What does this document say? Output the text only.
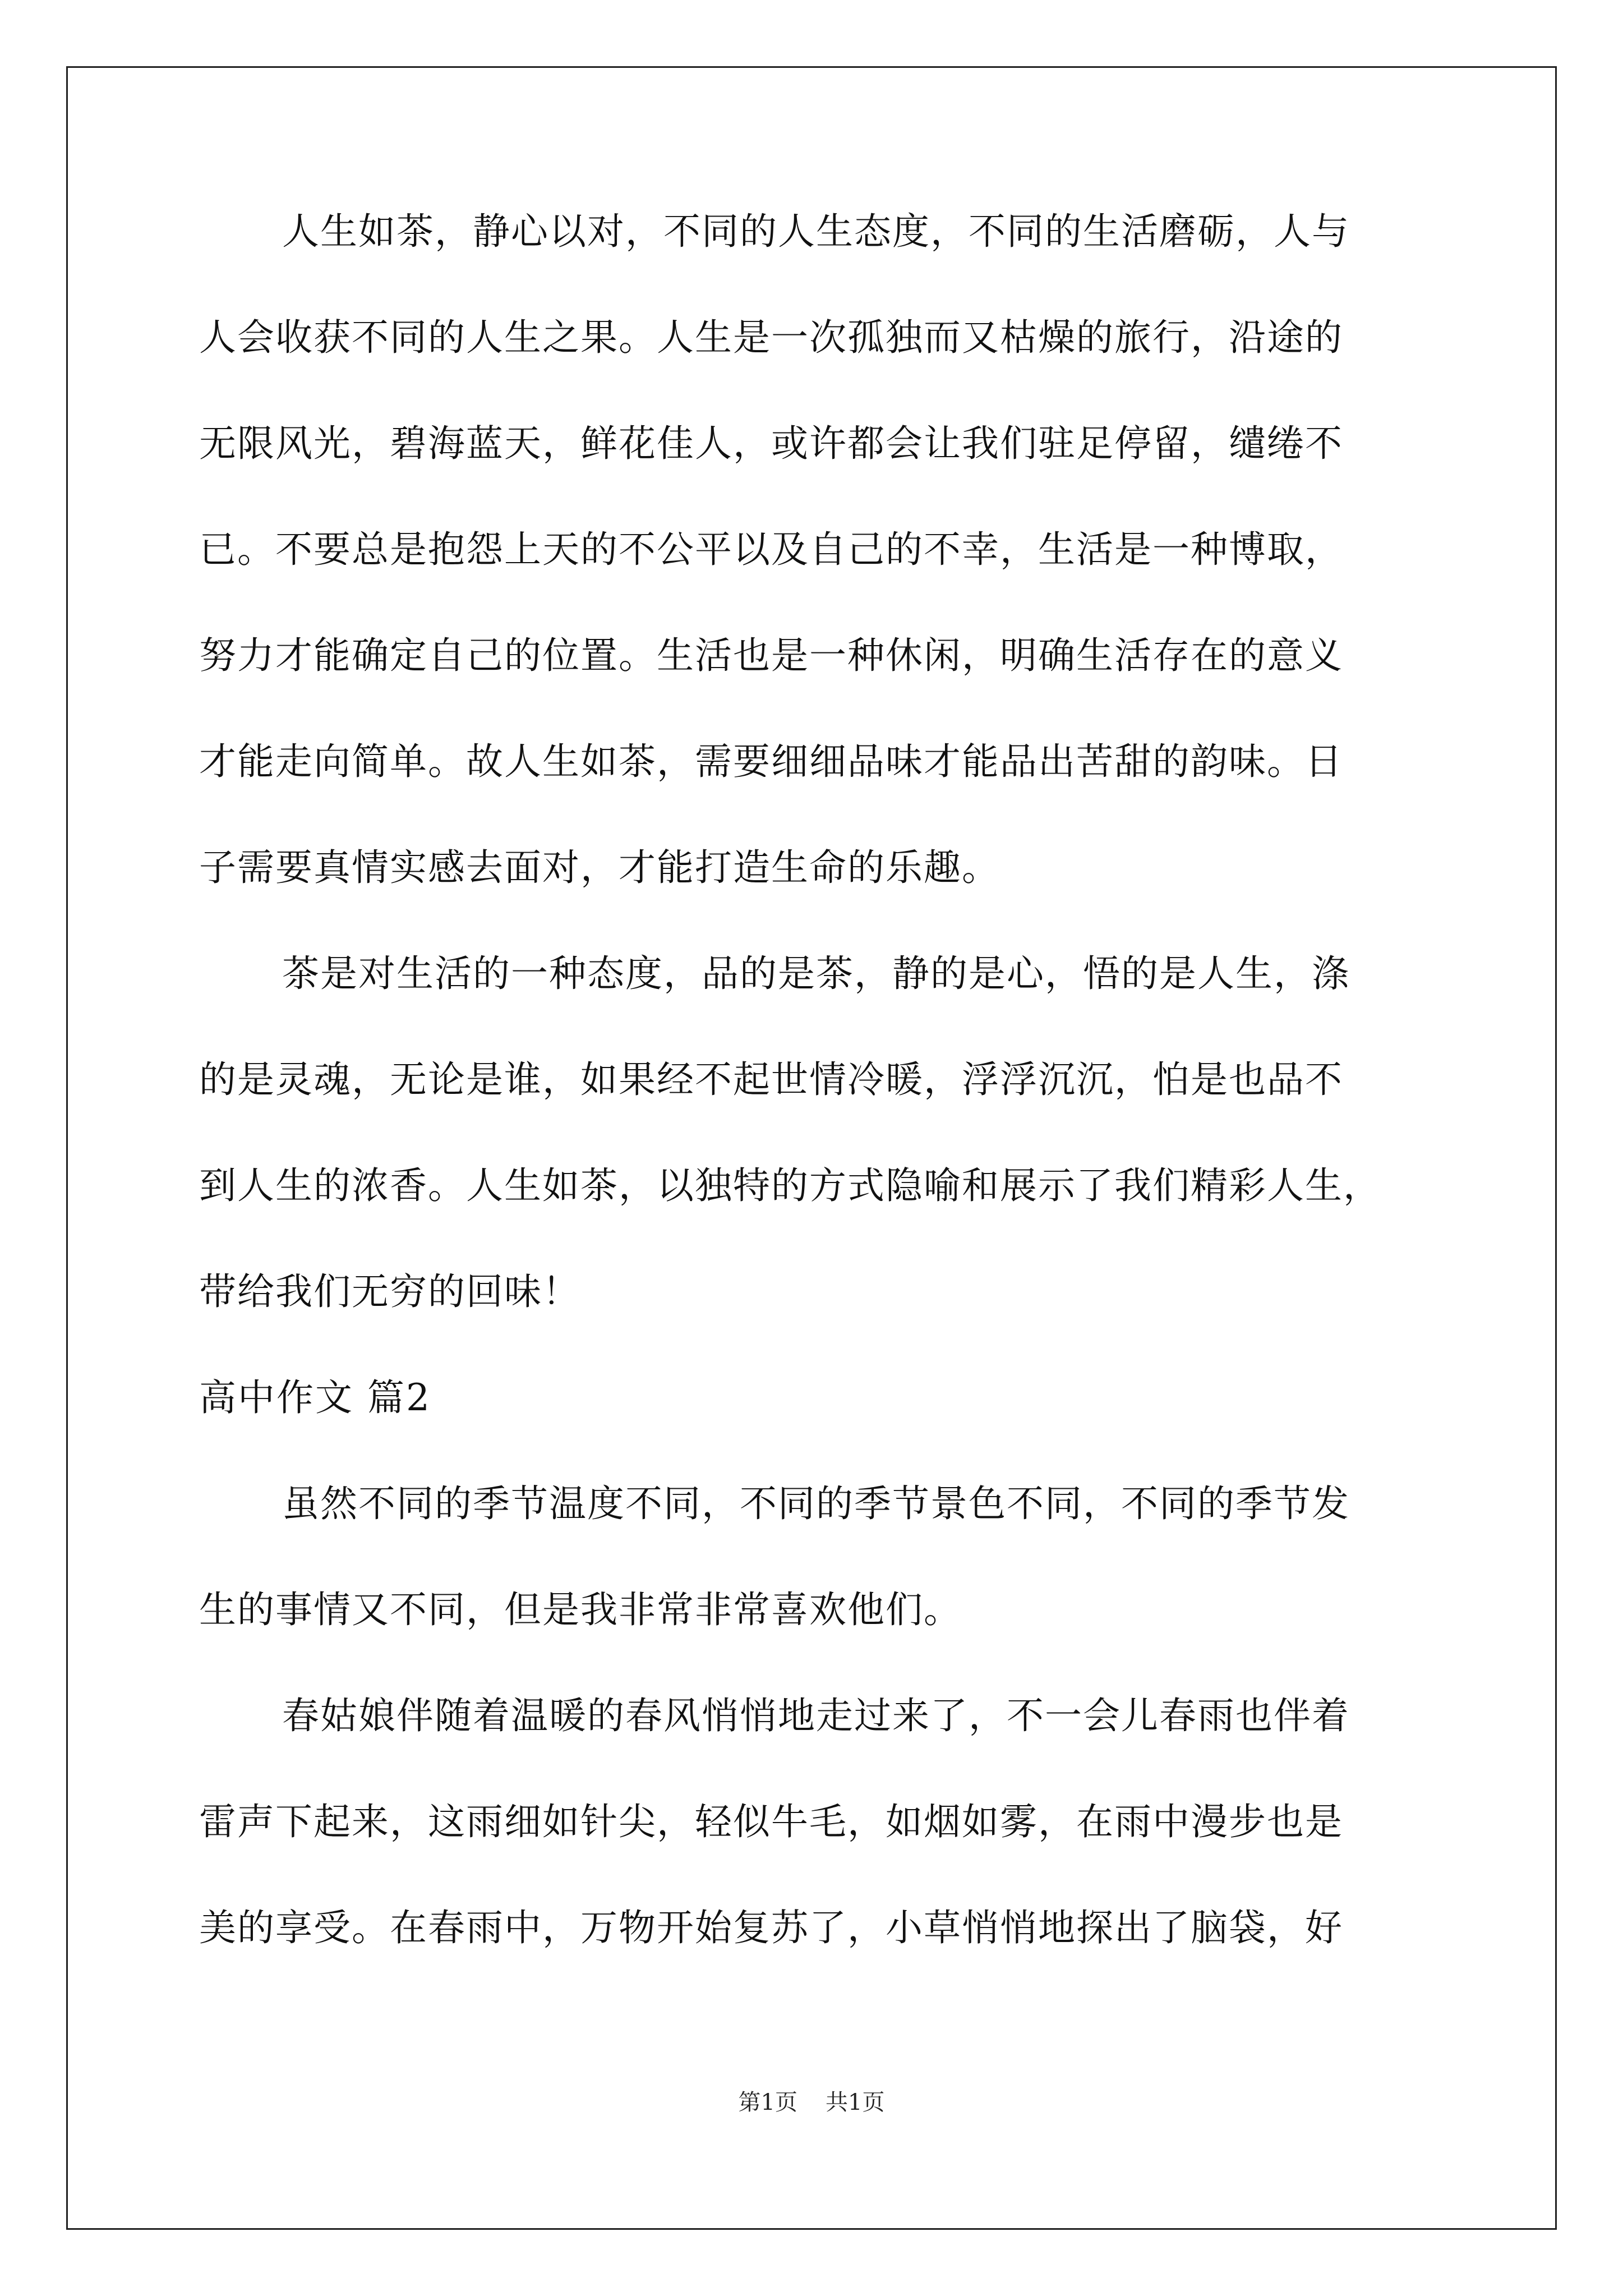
人生如茶，静心以对，不同的人生态度，不同的生活磨砺，人与
人会收获不同的人生之果。人生是一次孤独而又枯燥的旅行，沿途的
无限风光，碧海蓝天，鲜花佳人，或许都会让我们驻足停留，缱绻不
已。不要总是抱怨上天的不公平以及自己的不幸，生活是一种博取，
努力才能确定自己的位置。生活也是一种休闲，明确生活存在的意义
才能走向简单。故人生如茶，需要细细品味才能品出苦甜的韵味。日
子需要真情实感去面对，才能打造生命的乐趣。
茶是对生活的一种态度，品的是茶，静的是心，悟的是人生，涤
的是灵魂，无论是谁，如果经不起世情冷暖，浮浮沉沉，怕是也品不
到人生的浓香。人生如茶，以独特的方式隐喻和展示了我们精彩人生，
带给我们无穷的回味！
高中作文 篇2
虽然不同的季节温度不同，不同的季节景色不同，不同的季节发
生的事情又不同，但是我非常非常喜欢他们。
春姑娘伴随着温暖的春风悄悄地走过来了，不一会儿春雨也伴着
雷声下起来，这雨细如针尖，轻似牛毛，如烟如雾，在雨中漫步也是
美的享受。在春雨中，万物开始复苏了，小草悄悄地探出了脑袋，好
第1页 共1页
